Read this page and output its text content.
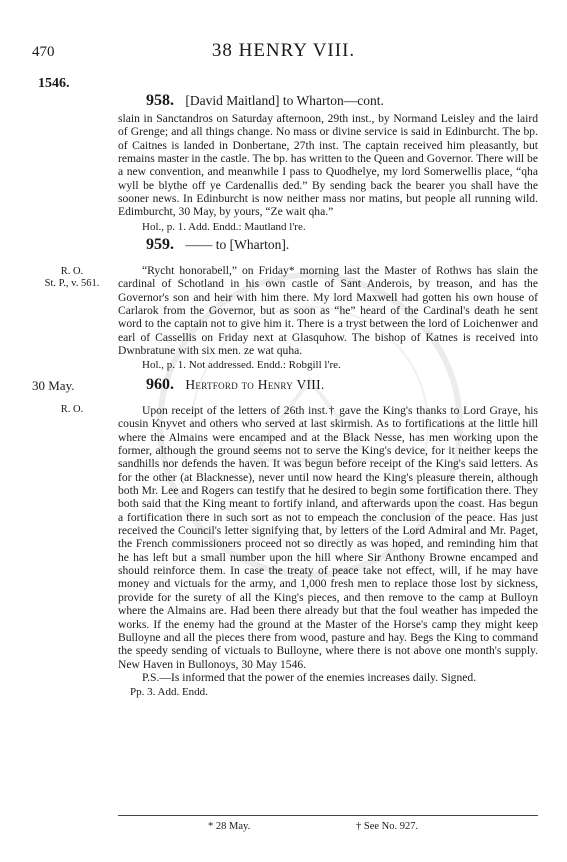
470	38 HENRY VIII.
1546.
958. [David Maitland] to Wharton—cont.

slain in Sanctandros on Saturday afternoon, 29th inst., by Normand Leisley and the laird of Grenge; and all things change. No mass or divine service is said in Edinburcht. The bp. of Caitnes is landed in Donbertane, 27th inst. The captain received him pleasantly, but remains master in the castle. The bp. has written to the Queen and Governor. There will be a new convention, and meanwhile I pass to Quodhelye, my lord Somerwellis place, “qha wyll be blythe off ye Cardenallis ded.” By sending back the bearer you shall have the sooner news. In Edinburcht is now neither mass nor matins, but people all running wild. Edimburcht, 30 May, by yours, “Ze wait qha.”

Hol., p. 1. Add. Endd.: Mautland l're.
959. —— to [Wharton].
R. O.
St. P., v. 561.

“Rycht honorabell,” on Friday* morning last the Master of Rothws has slain the cardinal of Schotland in his own castle of Sant Anderois, by treason, and has the Governor's son and heir with him there. My lord Maxwell had gotten his own house of Carlarok from the Governor, but as soon as “he” heard of the Cardinal's death he sent word to the captain not to give him it. There is a tryst between the lord of Loichenwer and earl of Cassellis on Friday next at Glasquhow. The bishop of Katnes is received into Dwnbratune with six men. ze wat quha.

Hol., p. 1. Not addressed. Endd.: Robgill l're.
30 May.	960. Hertford to Henry VIII.
R. O.	Upon receipt of the letters of 26th inst.† gave the King's thanks to Lord Graye, his cousin Knyvet and others who served at last skirmish. As to fortifications at the little hill where the Almains were encamped and at the Black Nesse, has men working upon the former, although the ground seems not to serve the King's device, for it neither keeps the sandhills nor defends the haven. It was begun before receipt of the King's said letters. As for the other (at Blacknesse), never until now heard the King's pleasure therein, although both Mr. Lee and Rogers can testify that he desired to begin some fortification there. They both said that the King meant to fortify inland, and afterwards upon the coast. Has begun a fortification there in such sort as not to empeach the conclusion of the peace. Has just received the Council's letter signifying that, by letters of the Lord Admiral and Mr. Paget, the French commissioners proceed not so directly as was hoped, and reminding him that he has left but a small number upon the hill where Sir Anthony Browne encamped and should reinforce them. In case the treaty of peace take not effect, will, if he may have money and victuals for the army, and 1,000 fresh men to replace those lost by sickness, provide for the surety of all the King's pieces, and then remove to the camp at Bulloyn where the Almains are. Had been there already but that the foul weather has impeded the works. If the enemy had the ground at the Master of the Horse's camp they might keep Bulloyne and all the pieces there from wood, pasture and hay. Begs the King to command the speedy sending of victuals to Bulloyne, where there is not above one month's supply. New Haven in Bullonoys, 30 May 1546.

P.S.—Is informed that the power of the enemies increases daily. Signed.

Pp. 3. Add. Endd.
* 28 May.	† See No. 927.
